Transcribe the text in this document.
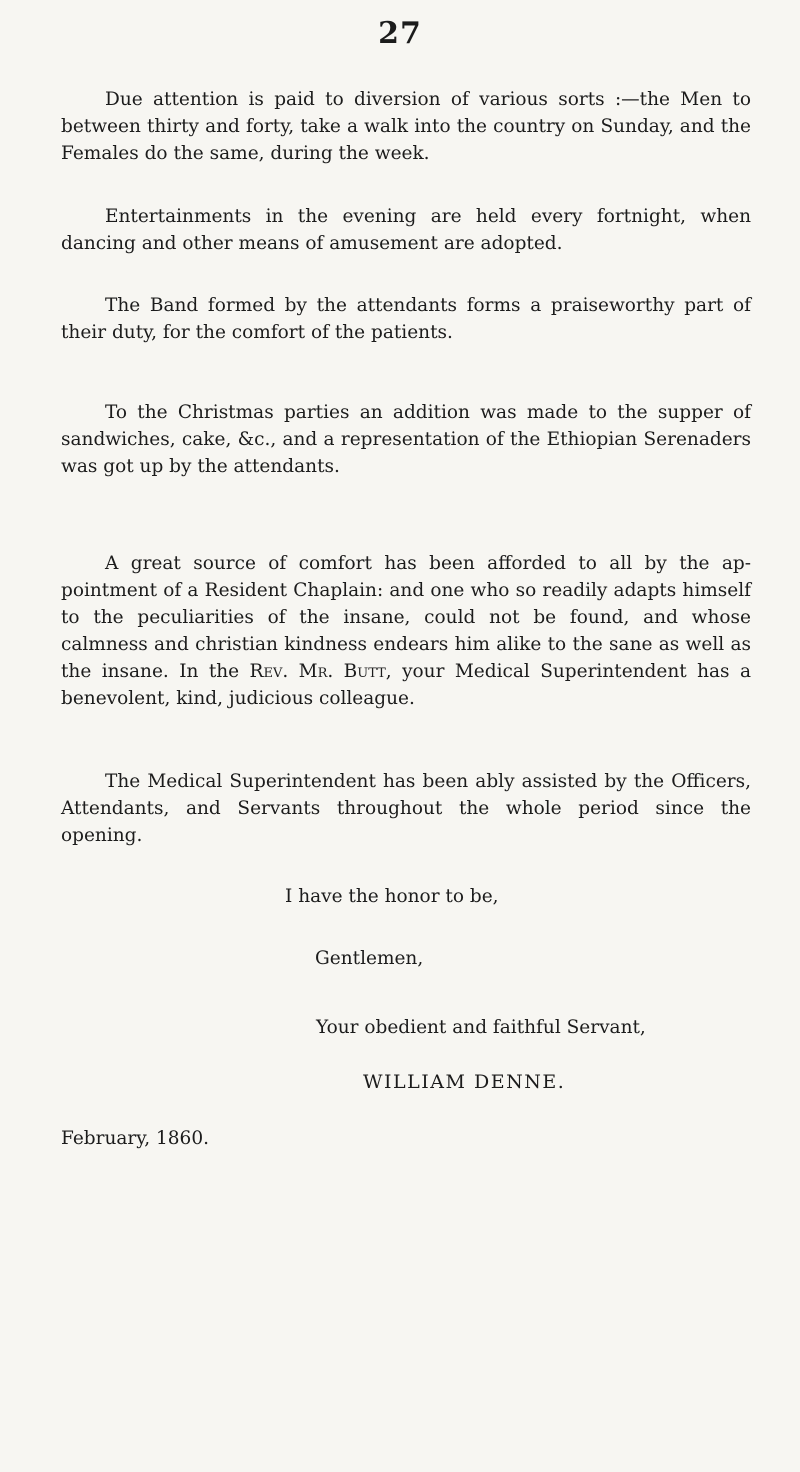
27

Due attention is paid to diversion of various sorts :—the Men to between thirty and forty, take a walk into the country on Sunday, and the Females do the same, during the week.

Entertainments in the evening are held every fortnight, when dancing and other means of amusement are adopted.

The Band formed by the attendants forms a praiseworthy part of their duty, for the comfort of the patients.

To the Christmas parties an addition was made to the supper of sandwiches, cake, &c., and a representation of the Ethiopian Serenaders was got up by the attendants.

A great source of comfort has been afforded to all by the ap-pointment of a Resident Chaplain: and one who so readily adapts himself to the peculiarities of the insane, could not be found, and whose calmness and christian kindness endears him alike to the sane as well as the insane. In the Rev. Mr. Butt, your Medical Superintendent has a benevolent, kind, judicious colleague.

The Medical Superintendent has been ably assisted by the Officers, Attendants, and Servants throughout the whole period since the opening.

I have the honor to be,
Gentlemen,
Your obedient and faithful Servant,
WILLIAM DENNE.
February, 1860.
